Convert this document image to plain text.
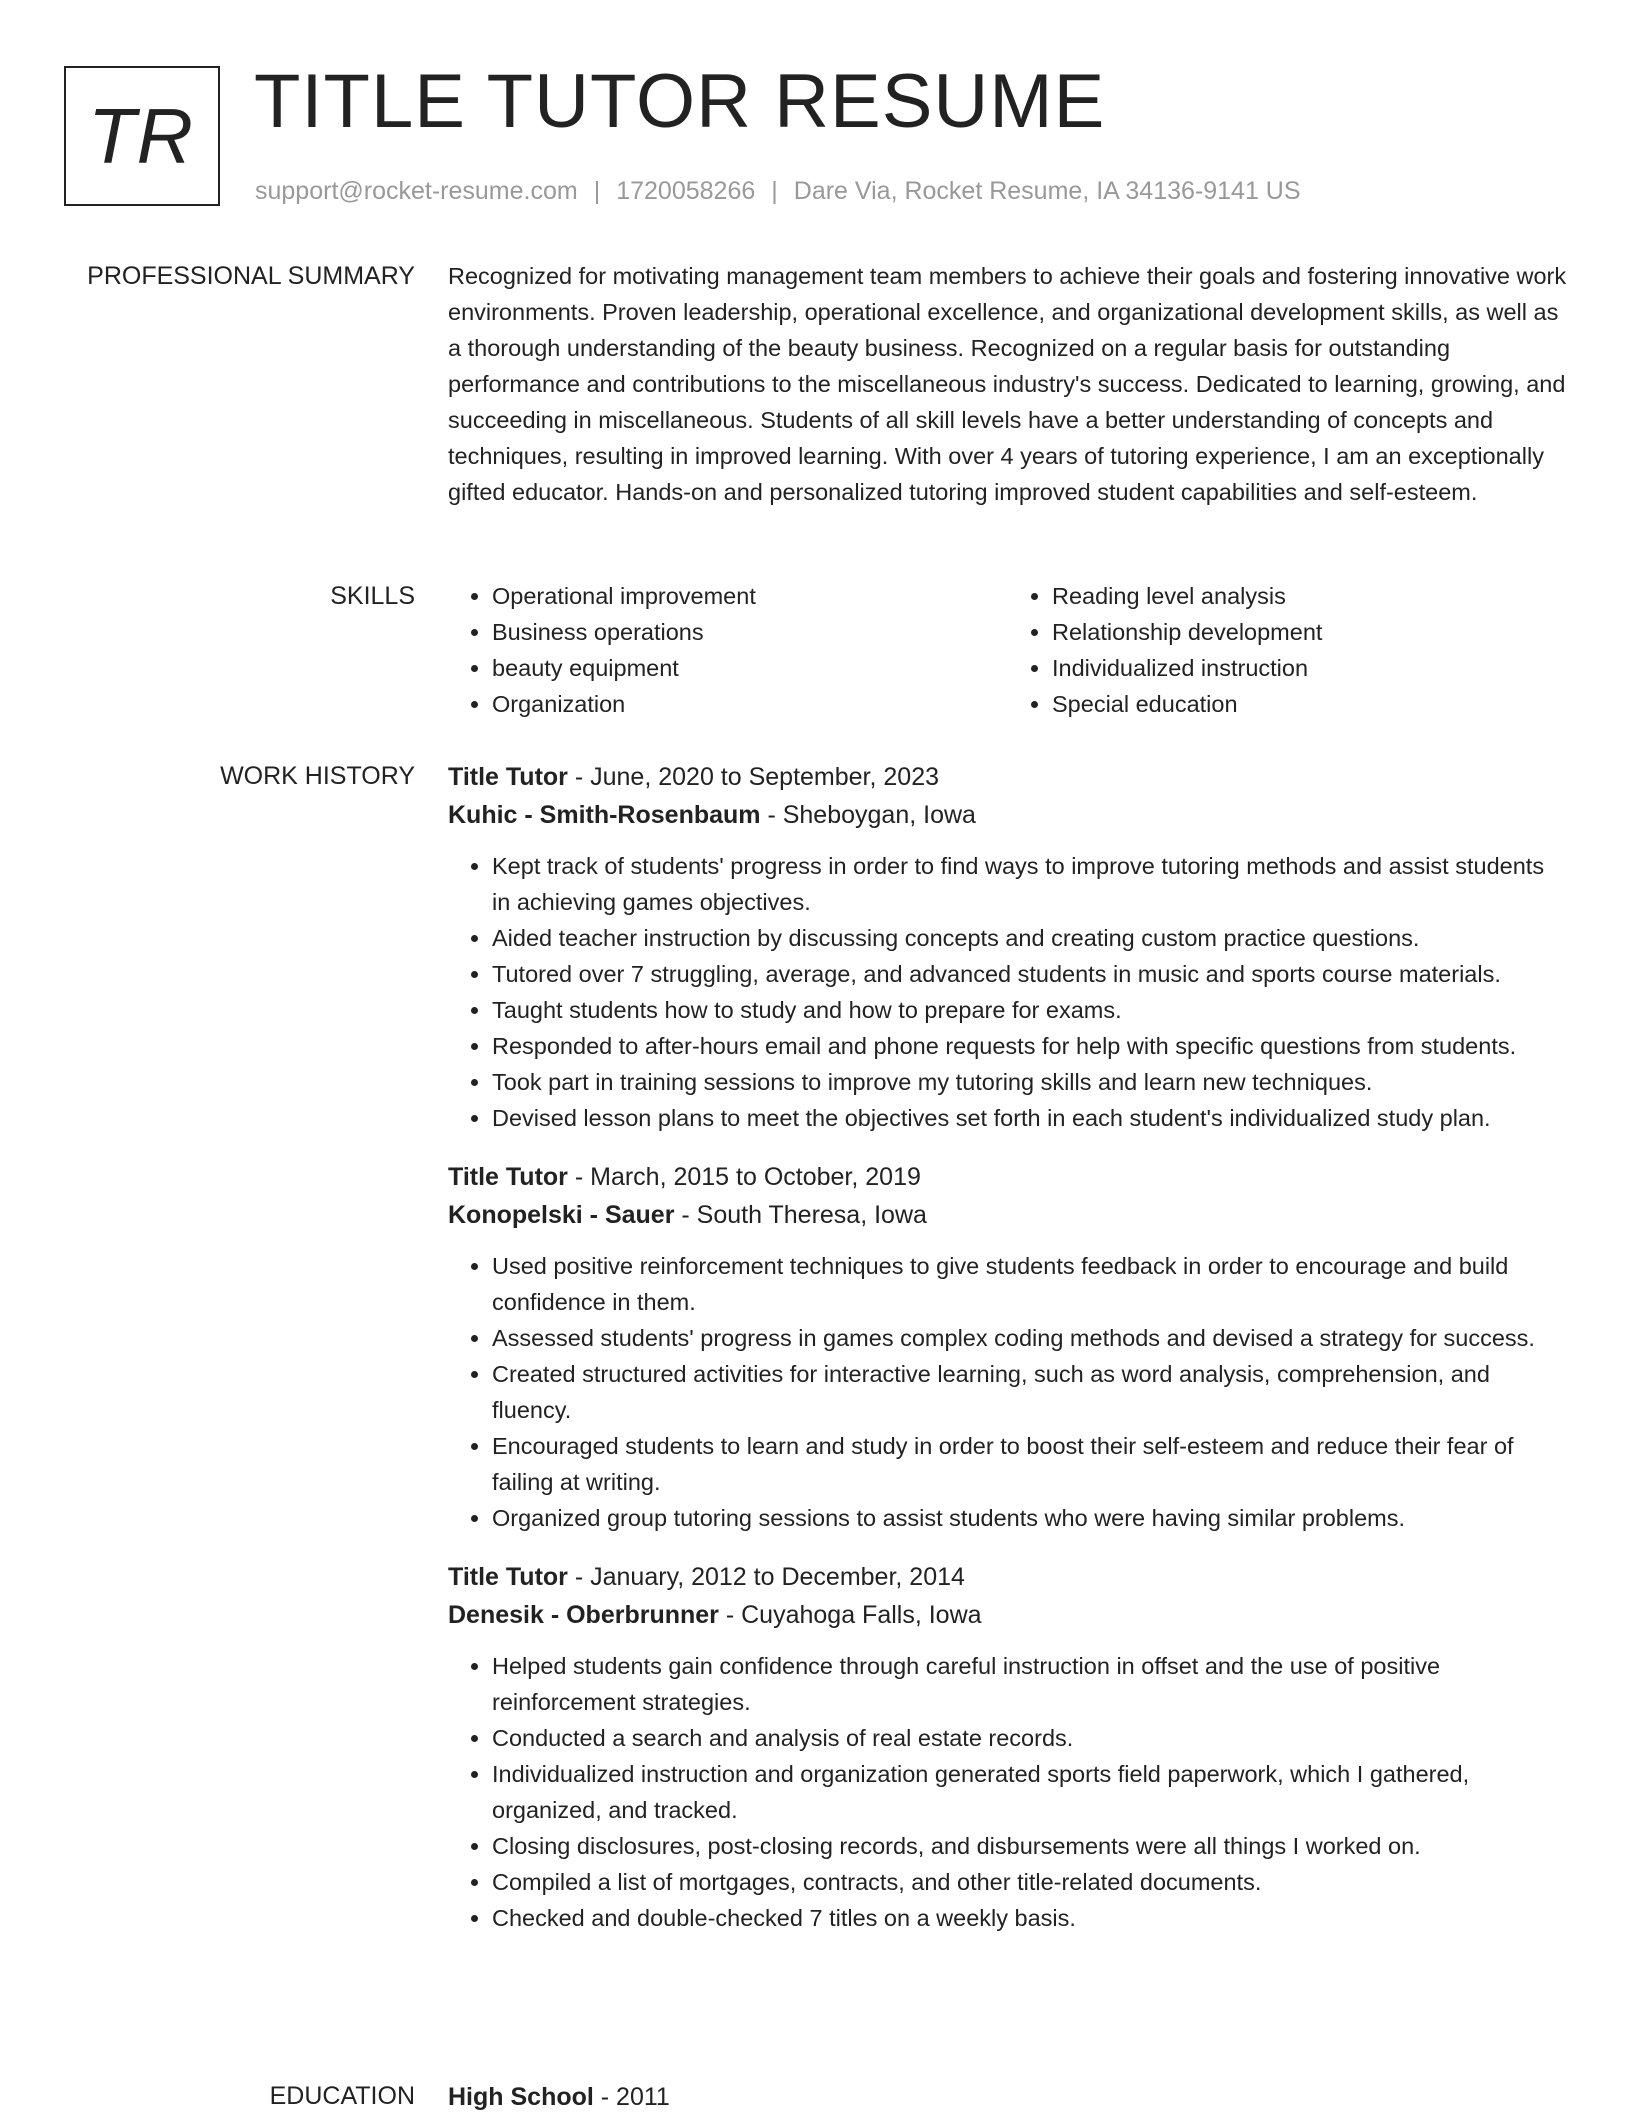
TR TITLE TUTOR RESUME
support@rocket-resume.com | 1720058266 | Dare Via, Rocket Resume, IA 34136-9141 US
PROFESSIONAL SUMMARY Recognized for motivating management team members to achieve their goals and fostering innovative work environments. Proven leadership, operational excellence, and organizational development skills, as well as a thorough understanding of the beauty business. Recognized on a regular basis for outstanding performance and contributions to the miscellaneous industry's success. Dedicated to learning, growing, and succeeding in miscellaneous. Students of all skill levels have a better understanding of concepts and techniques, resulting in improved learning. With over 4 years of tutoring experience, I am an exceptionally gifted educator. Hands-on and personalized tutoring improved student capabilities and self-esteem.

SKILLS
•	Operational improvement
• Business operations
• beauty equipment
• Organization
• Reading level analysis
• Relationship development
• Individualized instruction
• Special education
WORK HISTORY Title Tutor - June, 2020 to September, 2023
Kuhic - Smith-Rosenbaum - Sheboygan, Iowa
• Kept track of students' progress in order to find ways to improve tutoring methods and assist students in achieving games objectives.
• Aided teacher instruction by discussing concepts and creating custom practice questions.
• Tutored over 7 struggling, average, and advanced students in music and sports course materials.
• Taught students how to study and how to prepare for exams.
• Responded to after-hours email and phone requests for help with specific questions from students.
• Took part in training sessions to improve my tutoring skills and learn new techniques.
• Devised lesson plans to meet the objectives set forth in each student's individualized study plan.
Title Tutor - March, 2015 to October, 2019
Konopelski - Sauer - South Theresa, Iowa
• Used positive reinforcement techniques to give students feedback in order to encourage and build confidence in them.
• Assessed students' progress in games complex coding methods and devised a strategy for success.
• Created structured activities for interactive learning, such as word analysis, comprehension, and fluency.
• Encouraged students to learn and study in order to boost their self-esteem and reduce their fear of failing at writing.
• Organized group tutoring sessions to assist students who were having similar problems.
Title Tutor - January, 2012 to December, 2014
Denesik - Oberbrunner - Cuyahoga Falls, Iowa
• Helped students gain confidence through careful instruction in offset and the use of positive reinforcement strategies.
• Conducted a search and analysis of real estate records.
• Individualized instruction and organization generated sports field paperwork, which I gathered, organized, and tracked.
• Closing disclosures, post-closing records, and disbursements were all things I worked on.
• Compiled a list of mortgages, contracts, and other title-related documents.
• Checked and double-checked 7 titles on a weekly basis.
EDUCATION High School - 2011
